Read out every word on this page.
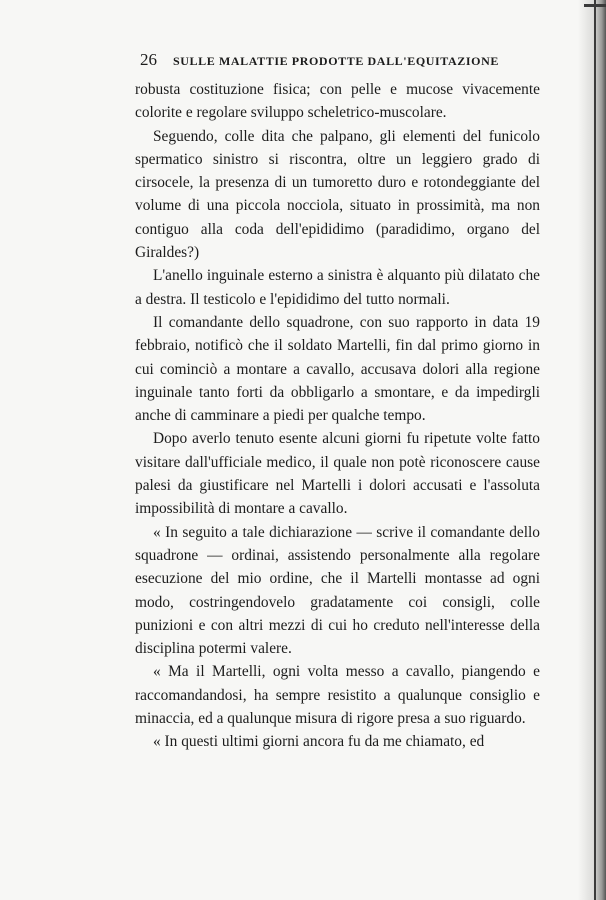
26 SULLE MALATTIE PRODOTTE DALL'EQUITAZIONE

robusta costituzione fisica; con pelle e mucose vivacemente colorite e regolare sviluppo scheletrico-muscolare.

Seguendo, colle dita che palpano, gli elementi del funicolo spermatico sinistro si riscontra, oltre un leggiero grado di cirsocele, la presenza di un tumoretto duro e rotondeggiante del volume di una piccola nocciola, situato in prossimità, ma non contiguo alla coda dell'epididimo (paradidimo, organo del Giraldes?)

L'anello inguinale esterno a sinistra è alquanto più dilatato che a destra. Il testicolo e l'epididimo del tutto normali.

Il comandante dello squadrone, con suo rapporto in data 19 febbraio, notificò che il soldato Martelli, fin dal primo giorno in cui cominciò a montare a cavallo, accusava dolori alla regione inguinale tanto forti da obbligarlo a smontare, e da impedirgli anche di camminare a piedi per qualche tempo.

Dopo averlo tenuto esente alcuni giorni fu ripetute volte fatto visitare dall'ufficiale medico, il quale non potè riconoscere cause palesi da giustificare nel Martelli i dolori accusati e l'assoluta impossibilità di montare a cavallo.

« In seguito a tale dichiarazione — scrive il comandante dello squadrone — ordinai, assistendo personalmente alla regolare esecuzione del mio ordine, che il Martelli montasse ad ogni modo, costringendovelo gradatamente coi consigli, colle punizioni e con altri mezzi di cui ho creduto nell'interesse della disciplina potermi valere.

« Ma il Martelli, ogni volta messo a cavallo, piangendo e raccomandandosi, ha sempre resistito a qualunque consiglio e minaccia, ed a qualunque misura di rigore presa a suo riguardo.

« In questi ultimi giorni ancora fu da me chiamato, ed
